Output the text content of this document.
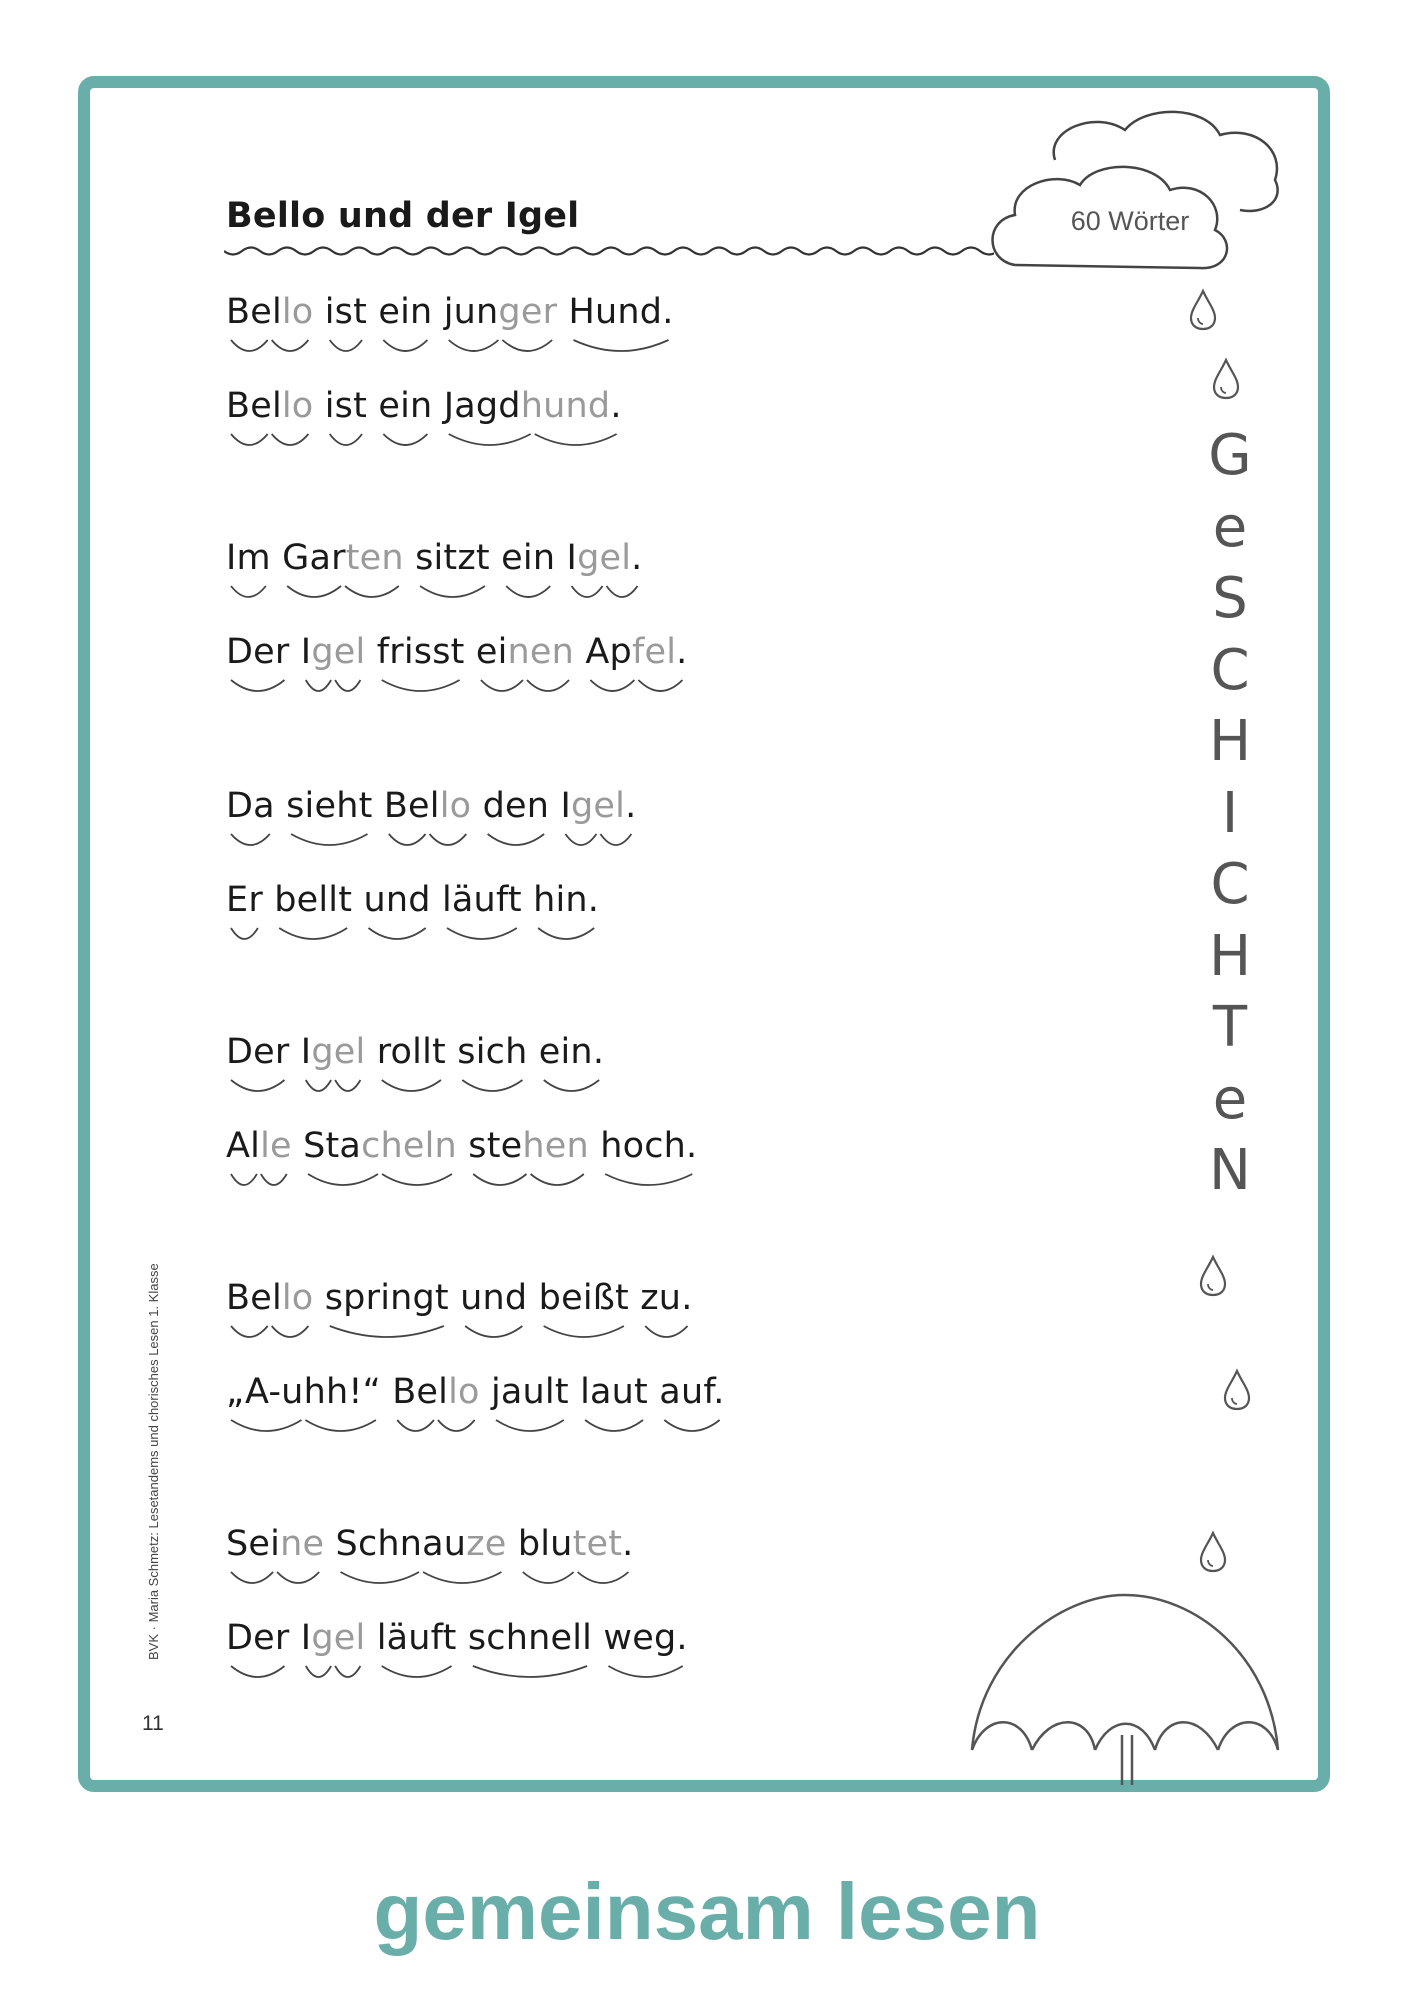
Bello und der Igel	60 Wörter
Bello ist ein junger Hund.
Bello ist ein Jagdhund.
Im Garten sitzt ein Igel.
Der Igel frisst einen Apfel.
Da sieht Bello den Igel.
Er bellt und läuft hin.
Der Igel rollt sich ein.
Alle Stacheln stehen hoch.
Bello springt und beißt zu.
„A-uhh!“ Bello jault laut auf.
Seine Schnauze blutet.
Der Igel läuft schnell weg.
G
e
S
C
H
I
C
H
T
e
N
BVK · Maria Schmetz: Lesetandems und chorisches Lesen 1. Klasse
11
gemeinsam lesen
